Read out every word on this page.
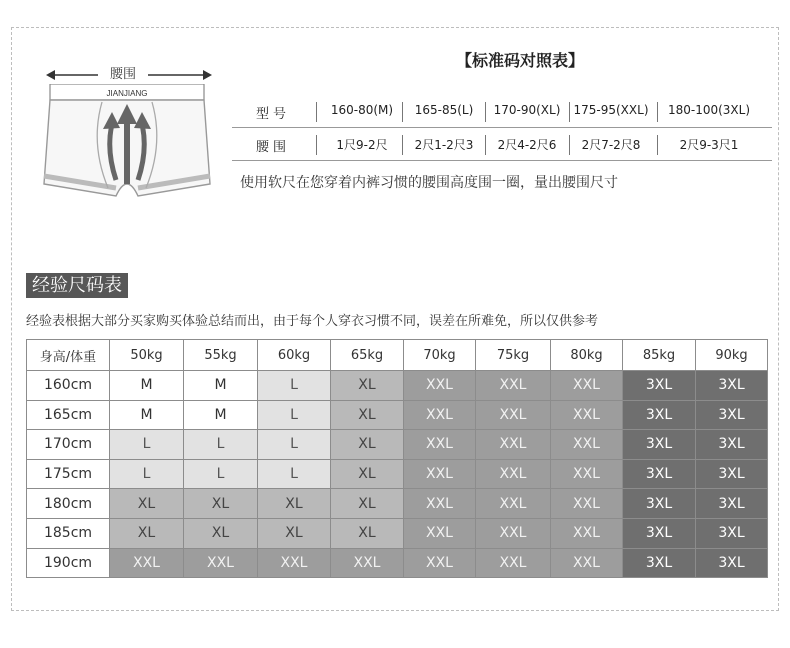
腰围
JIANJIANG
【标准码对照表】
型号	160-80(M)	165-85(L)	170-90(XL)	175-95(XXL)	180-100(3XL)
腰围	1尺9-2尺	2尺1-2尺3	2尺4-2尺6	2尺7-2尺8	2尺9-3尺1
使用软尺在您穿着内裤习惯的腰围高度围一圈，量出腰围尺寸
经验尺码表
经验表根据大部分买家购买体验总结而出，由于每个人穿衣习惯不同，误差在所难免，所以仅供参考
身高/体重	50kg	55kg	60kg	65kg	70kg	75kg	80kg	85kg	90kg
160cm	M	M	L	XL	XXL	XXL	XXL	3XL	3XL
165cm	M	M	L	XL	XXL	XXL	XXL	3XL	3XL
170cm	L	L	L	XL	XXL	XXL	XXL	3XL	3XL
175cm	L	L	L	XL	XXL	XXL	XXL	3XL	3XL
180cm	XL	XL	XL	XL	XXL	XXL	XXL	3XL	3XL
185cm	XL	XL	XL	XL	XXL	XXL	XXL	3XL	3XL
190cm	XXL	XXL	XXL	XXL	XXL	XXL	XXL	3XL	3XL
